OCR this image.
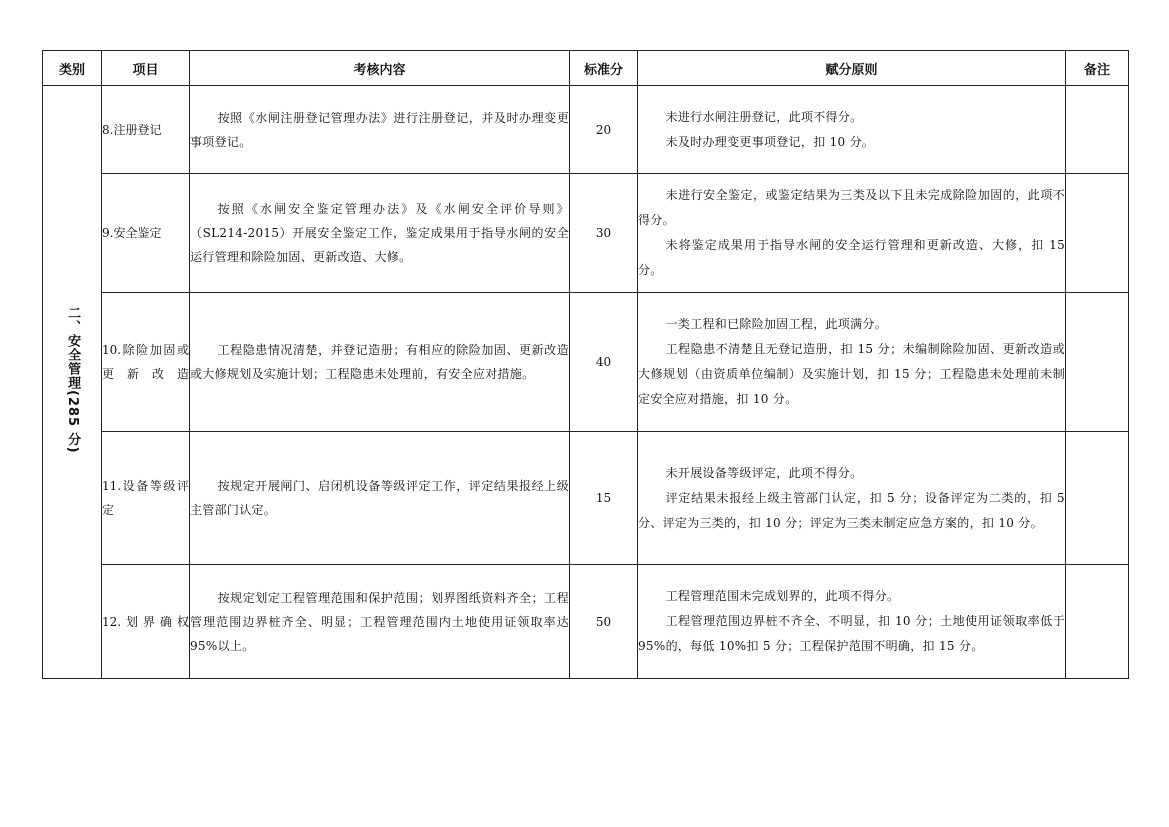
类别	项目	考核内容	标准分	赋分原则	备注
二、安全管理(285 分)	8.注册登记	按照《水闸注册登记管理办法》进行注册登记，并及时办理变更事项登记。	20	未进行水闸注册登记，此项不得分。

未及时办理变更事项登记，扣 10 分。	

	9.安全鉴定	按照《水闸安全鉴定管理办法》及《水闸安全评价导则》（SL214-2015）开展安全鉴定工作，鉴定成果用于指导水闸的安全运行管理和除险加固、更新改造、大修。	30	未进行安全鉴定，或鉴定结果为三类及以下且未完成除险加固的，此项不得分。

未将鉴定成果用于指导水闸的安全运行管理和更新改造、大修，扣 15 分。	

	10.除险加固或更新改造	工程隐患情况清楚，并登记造册；有相应的除险加固、更新改造或大修规划及实施计划；工程隐患未处理前，有安全应对措施。	40	一类工程和已除险加固工程，此项满分。

工程隐患不清楚且无登记造册，扣 15 分；未编制除险加固、更新改造或大修规划（由资质单位编制）及实施计划，扣 15 分；工程隐患未处理前未制定安全应对措施，扣 10 分。	

	11.设备等级评定	按规定开展闸门、启闭机设备等级评定工作，评定结果报经上级主管部门认定。	15	未开展设备等级评定，此项不得分。

评定结果未报经上级主管部门认定，扣 5 分；设备评定为二类的，扣 5 分、评定为三类的，扣 10 分；评定为三类未制定应急方案的，扣 10 分。	

	12.划界确权	按规定划定工程管理范围和保护范围；划界图纸资料齐全；工程管理范围边界桩齐全、明显；工程管理范围内土地使用证领取率达 95%以上。	50	工程管理范围未完成划界的，此项不得分。

工程管理范围边界桩不齐全、不明显，扣 10 分；土地使用证领取率低于 95%的，每低 10%扣 5 分；工程保护范围不明确，扣 15 分。	
